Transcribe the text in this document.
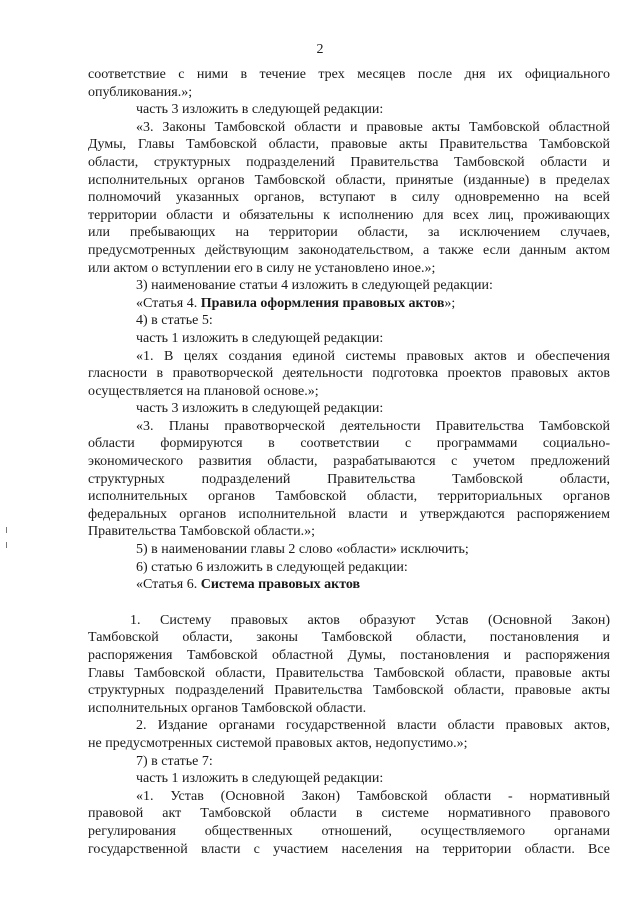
2

соответствие с ними в течение трех месяцев после дня их официального

опубликования.»;

часть 3 изложить в следующей редакции:

«3. Законы Тамбовской области и правовые акты Тамбовской областной

Думы, Главы Тамбовской области, правовые акты Правительства Тамбовской

области, структурных подразделений Правительства Тамбовской области и

исполнительных органов Тамбовской области, принятые (изданные) в пределах

полномочий указанных органов, вступают в силу одновременно на всей

территории области и обязательны к исполнению для всех лиц, проживающих

или пребывающих на территории области, за исключением случаев,

предусмотренных действующим законодательством, а также если данным актом

или актом о вступлении его в силу не установлено иное.»;

3) наименование статьи 4 изложить в следующей редакции:

«Статья 4. Правила оформления правовых актов»;

4) в статье 5:

часть 1 изложить в следующей редакции:

«1. В целях создания единой системы правовых актов и обеспечения

гласности в правотворческой деятельности подготовка проектов правовых актов

осуществляется на плановой основе.»;

часть 3 изложить в следующей редакции:

«3. Планы правотворческой деятельности Правительства Тамбовской

области формируются в соответствии с программами социально-

экономического развития области, разрабатываются с учетом предложений

структурных подразделений Правительства Тамбовской области,

исполнительных органов Тамбовской области, территориальных органов

федеральных органов исполнительной власти и утверждаются распоряжением

Правительства Тамбовской области.»;

5) в наименовании главы 2 слово «области» исключить;

6) статью 6 изложить в следующей редакции:

«Статья 6. Система правовых актов

1. Систему правовых актов образуют Устав (Основной Закон)

Тамбовской области, законы Тамбовской области, постановления и

распоряжения Тамбовской областной Думы, постановления и распоряжения

Главы Тамбовской области, Правительства Тамбовской области, правовые акты

структурных подразделений Правительства Тамбовской области, правовые акты

исполнительных органов Тамбовской области.

2. Издание органами государственной власти области правовых актов,

не предусмотренных системой правовых актов, недопустимо.»;

7) в статье 7:

часть 1 изложить в следующей редакции:

«1. Устав (Основной Закон) Тамбовской области - нормативный

правовой акт Тамбовской области в системе нормативного правового

регулирования общественных отношений, осуществляемого органами

государственной власти с участием населения на территории области. Все
